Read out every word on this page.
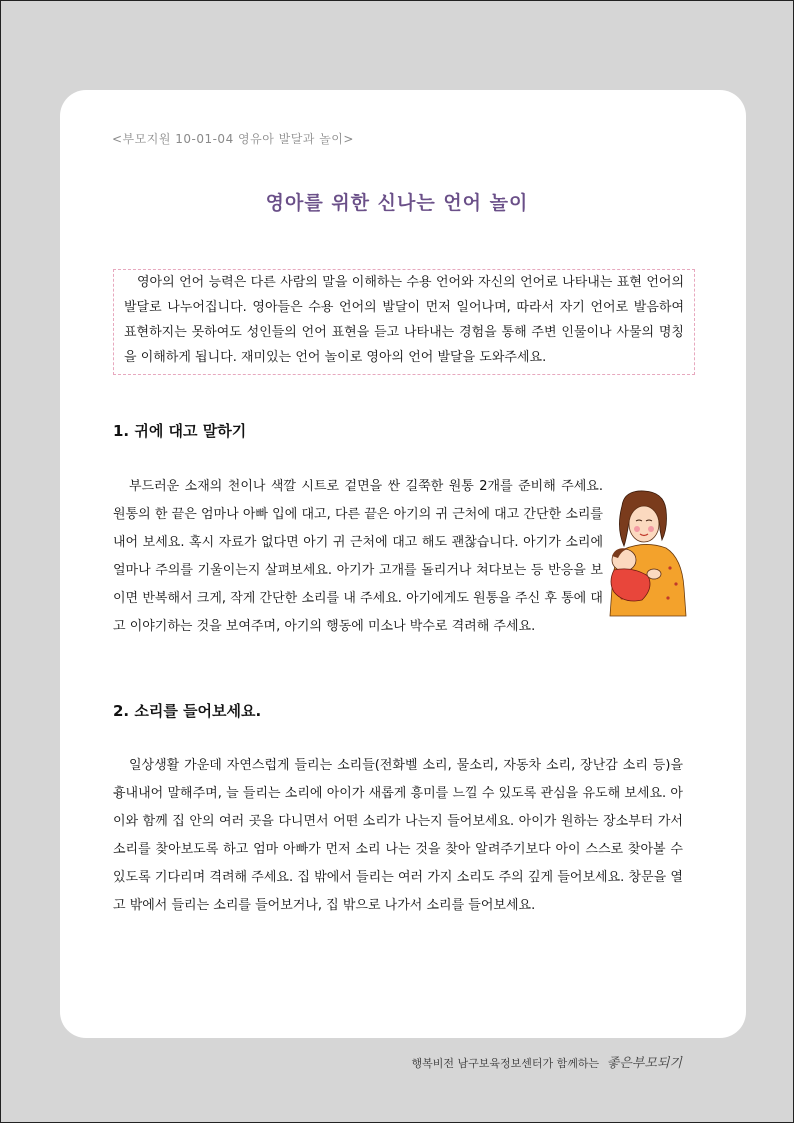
<부모지원 10-01-04 영유아 발달과 놀이>
영아를 위한 신나는 언어 놀이

영아의 언어 능력은 다른 사람의 말을 이해하는 수용 언어와 자신의 언어로 나타내는 표현 언어의 발달로 나누어집니다. 영아들은 수용 언어의 발달이 먼저 일어나며, 따라서 자기 언어로 발음하여 표현하지는 못하여도 성인들의 언어 표현을 듣고 나타내는 경험을 통해 주변 인물이나 사물의 명칭을 이해하게 됩니다. 재미있는 언어 놀이로 영아의 언어 발달을 도와주세요.

1. 귀에 대고 말하기

부드러운 소재의 천이나 색깔 시트로 겉면을 싼 길쭉한 원통 2개를 준비해 주세요. 원통의 한 끝은 엄마나 아빠 입에 대고, 다른 끝은 아기의 귀 근처에 대고 간단한 소리를 내어 보세요. 혹시 자료가 없다면 아기 귀 근처에 대고 해도 괜찮습니다. 아기가 소리에 얼마나 주의를 기울이는지 살펴보세요. 아기가 고개를 돌리거나 쳐다보는 등 반응을 보이면 반복해서 크게, 작게 간단한 소리를 내 주세요. 아기에게도 원통을 주신 후 통에 대고 이야기하는 것을 보여주며, 아기의 행동에 미소나 박수로 격려해 주세요.

2. 소리를 들어보세요.

일상생활 가운데 자연스럽게 들리는 소리들(전화벨 소리, 물소리, 자동차 소리, 장난감 소리 등)을 흉내내어 말해주며, 늘 들리는 소리에 아이가 새롭게 흥미를 느낄 수 있도록 관심을 유도해 보세요. 아이와 함께 집 안의 여러 곳을 다니면서 어떤 소리가 나는지 들어보세요. 아이가 원하는 장소부터 가서 소리를 찾아보도록 하고 엄마 아빠가 먼저 소리 나는 것을 찾아 알려주기보다 아이 스스로 찾아볼 수 있도록 기다리며 격려해 주세요. 집 밖에서 들리는 여러 가지 소리도 주의 깊게 들어보세요. 창문을 열고 밖에서 들리는 소리를 들어보거나, 집 밖으로 나가서 소리를 들어보세요.

행복비전 남구보육정보센터가 함께하는 좋은부모되기
